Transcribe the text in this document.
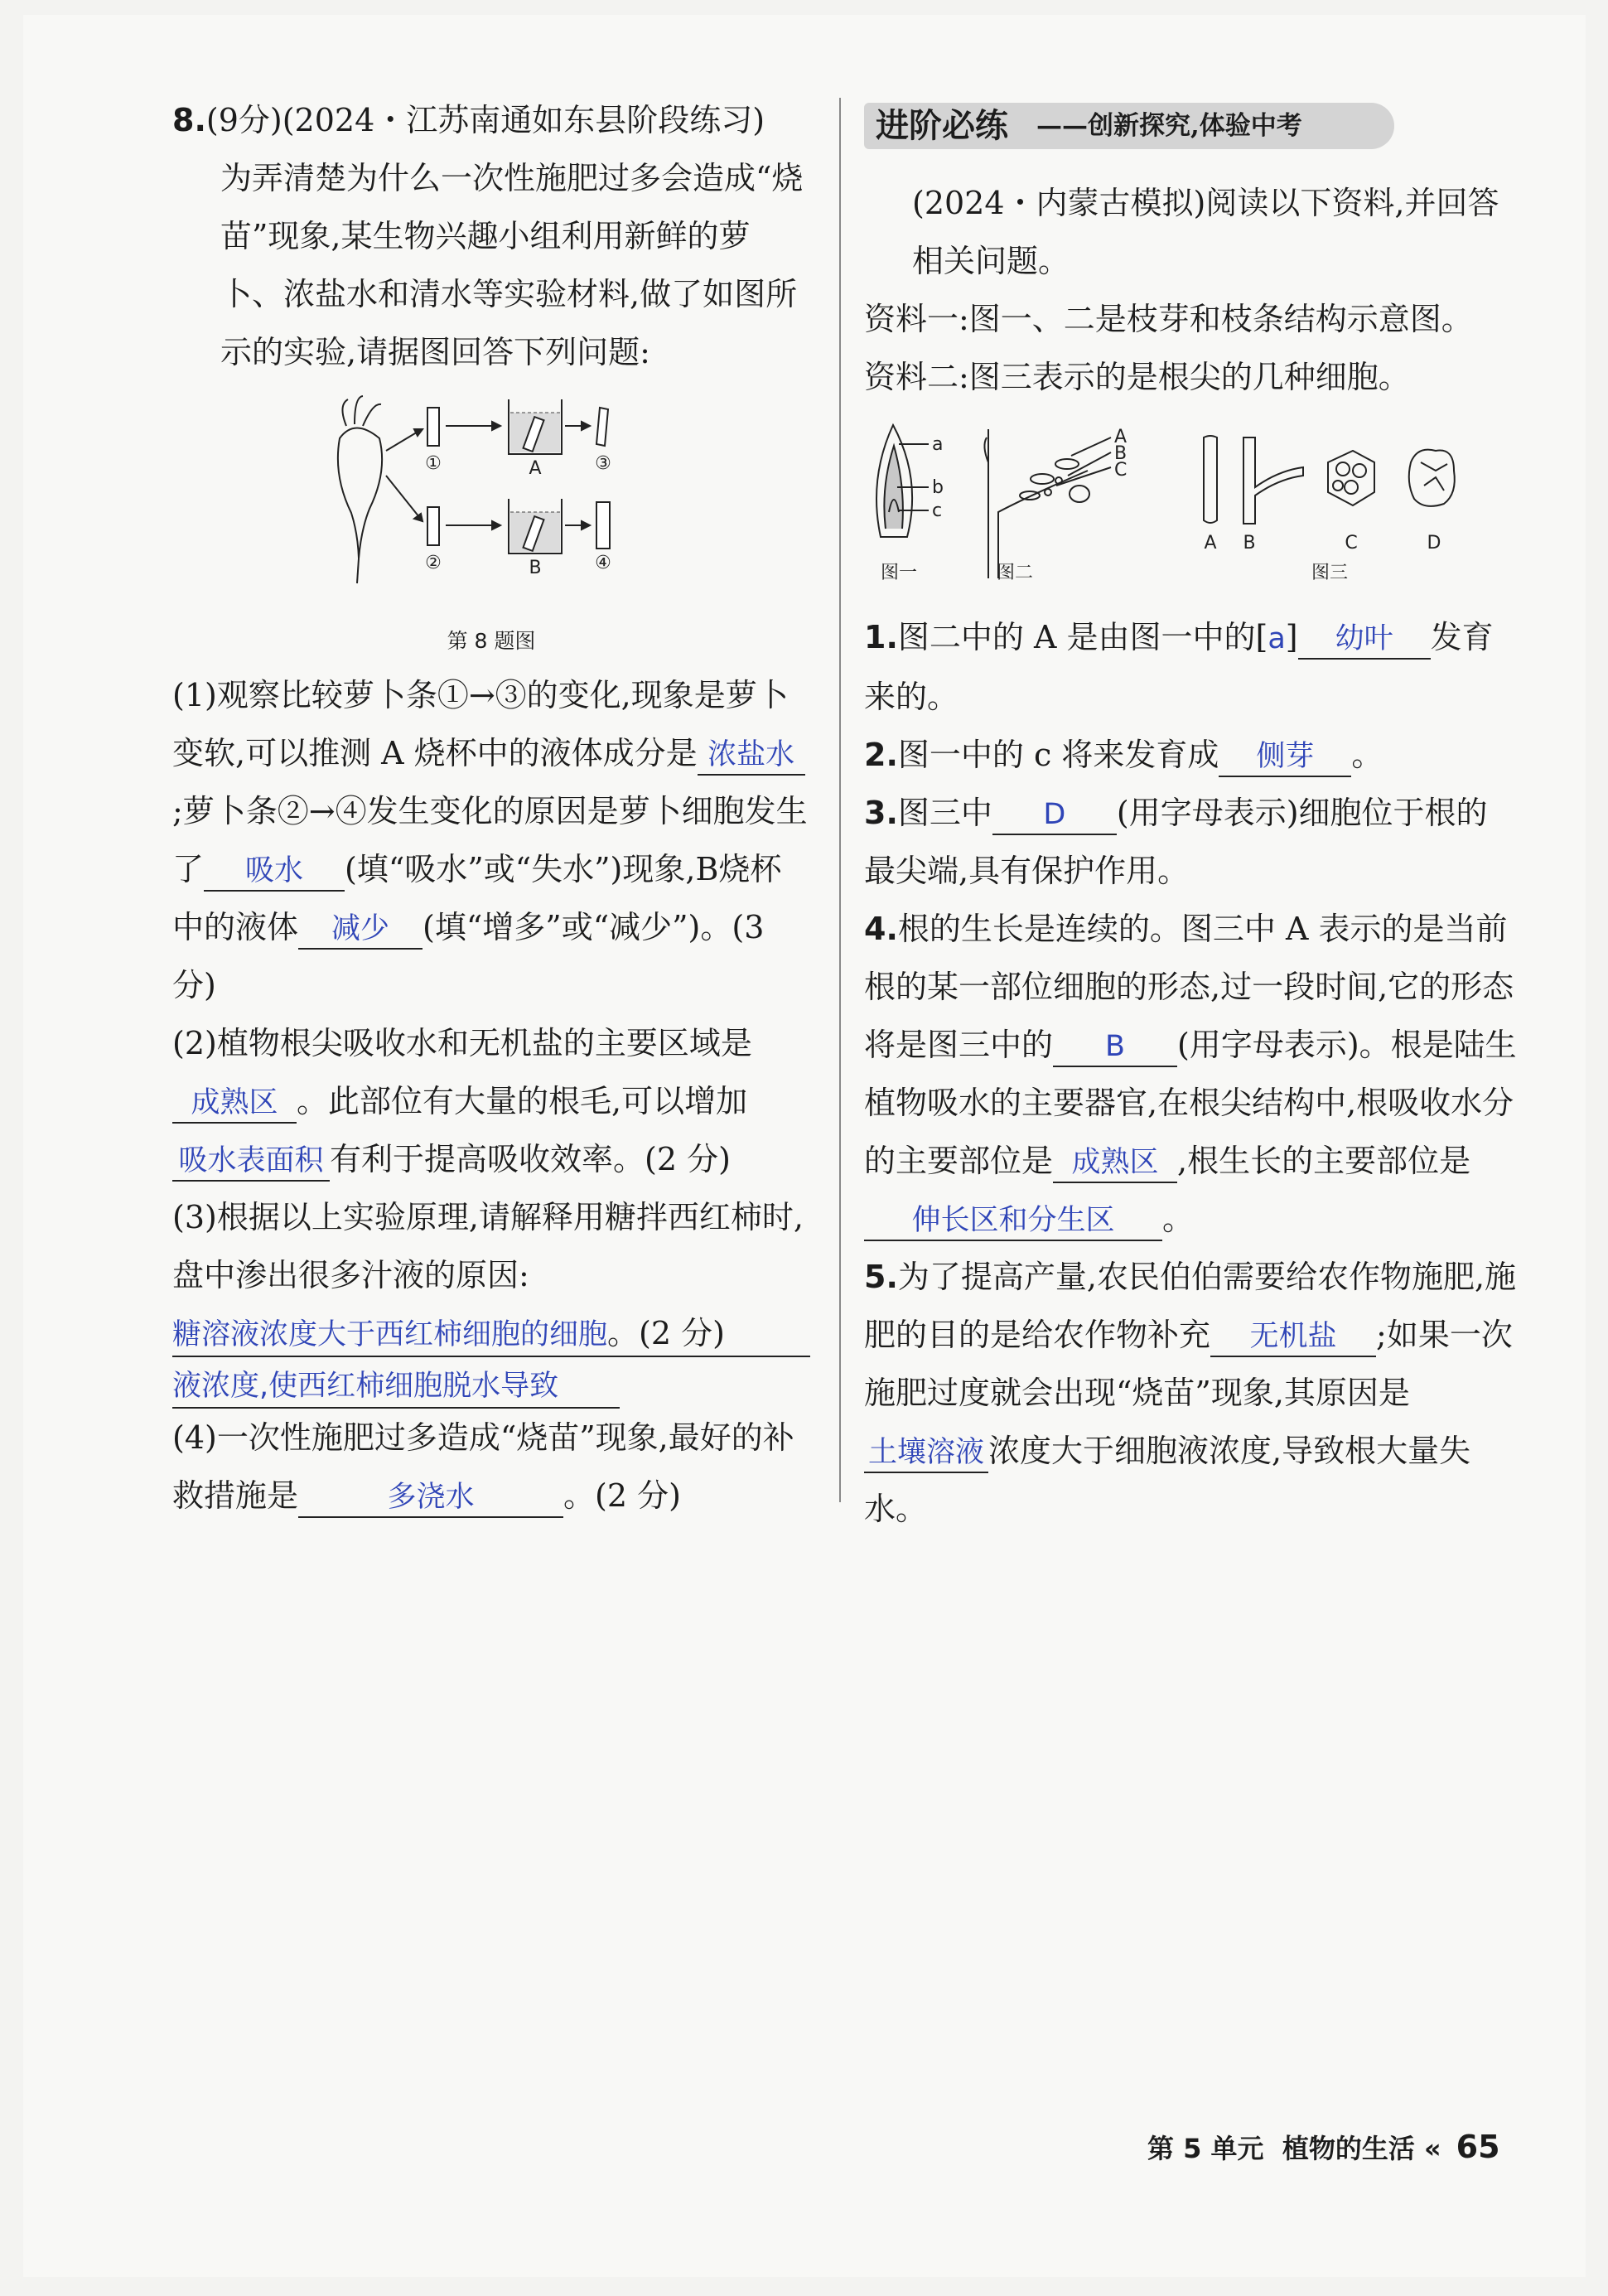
8.(9分)(2024・江苏南通如东县阶段练习)

为弄清楚为什么一次性施肥过多会造成“烧苗”现象,某生物兴趣小组利用新鲜的萝卜、浓盐水和清水等实验材料,做了如图所示的实验,请据图回答下列问题:

①	A	③
②	B	④
第 8 题图

(1)观察比较萝卜条①→③的变化,现象是萝卜变软,可以推测 A 烧杯中的液体成分是 浓盐水;萝卜条②→④发生变化的原因是萝卜细胞发生了 吸水 (填“吸水”或“失水”)现象,B烧杯中的液体 减少 (填“增多”或“减少”)。(3 分)

(2)植物根尖吸收水和无机盐的主要区域是成熟区 。此部位有大量的根毛,可以增加吸水表面积 有利于提高吸收效率。(2 分)

(3)根据以上实验原理,请解释用糖拌西红柿时,盘中渗出很多汁液的原因:

糖溶液浓度大于西红柿细胞的细胞。(2 分)
液浓度,使西红柿细胞脱水导致

(4)一次性施肥过多造成“烧苗”现象,最好的补救措施是	多浇水	。(2 分)

进阶必练 ——创新探究,体验中考

(2024・内蒙古模拟)阅读以下资料,并回答相关问题。

资料一:图一、二是枝芽和枝条结构示意图。

资料二:图三表示的是根尖的几种细胞。

a
b
c
A
B
C
A B	C	D
图一	图二	图三

1.图二中的 A 是由图一中的[a] 幼叶 发育来的。

2.图一中的 c 将来发育成 侧芽 。

3.图三中 D (用字母表示)细胞位于根的最尖端,具有保护作用。

4.根的生长是连续的。图三中 A 表示的是当前根的某一部位细胞的形态,过一段时间,它的形态将是图三中的 B (用字母表示)。根是陆生植物吸水的主要器官,在根尖结构中,根吸收水分的主要部位是 成熟区 ,根生长的主要部位是伸长区和分生区 。

5.为了提高产量,农民伯伯需要给农作物施肥,施肥的目的是给农作物补充 无机盐 ;如果一次施肥过度就会出现“烧苗”现象,其原因是土壤溶液 浓度大于细胞液浓度,导致根大量失水。

第 5 单元 植物的生活 « 65
